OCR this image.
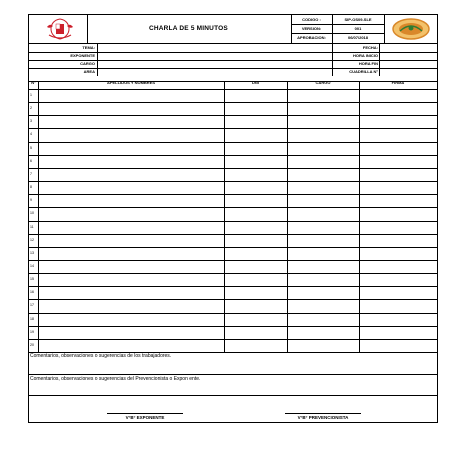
CHARLA DE 5 MINUTOS
CODIGO :	SIP-OS09-SLE
VERSION:	001
APROBACION:	06/07/2018
TEMA:
EXPONENTE
CARGO
AREA
FECHA:
HORA INICIO
HORA FIN
CUADRILLA N°
N°	APELLIDOS Y NOMBRES	DNI	CARGO	FIRMA
1
2
3
4
5
6
7
8
9
10
11
12
13
14
15
16
17
18
19
20
Comentarios, observaciones o sugerencias de los trabajadores.
Comentarios, observaciones o sugerencias del Prevencionista o Expon ente.
V°B° EXPONENTE	V°B° PREVENCIONISTA
